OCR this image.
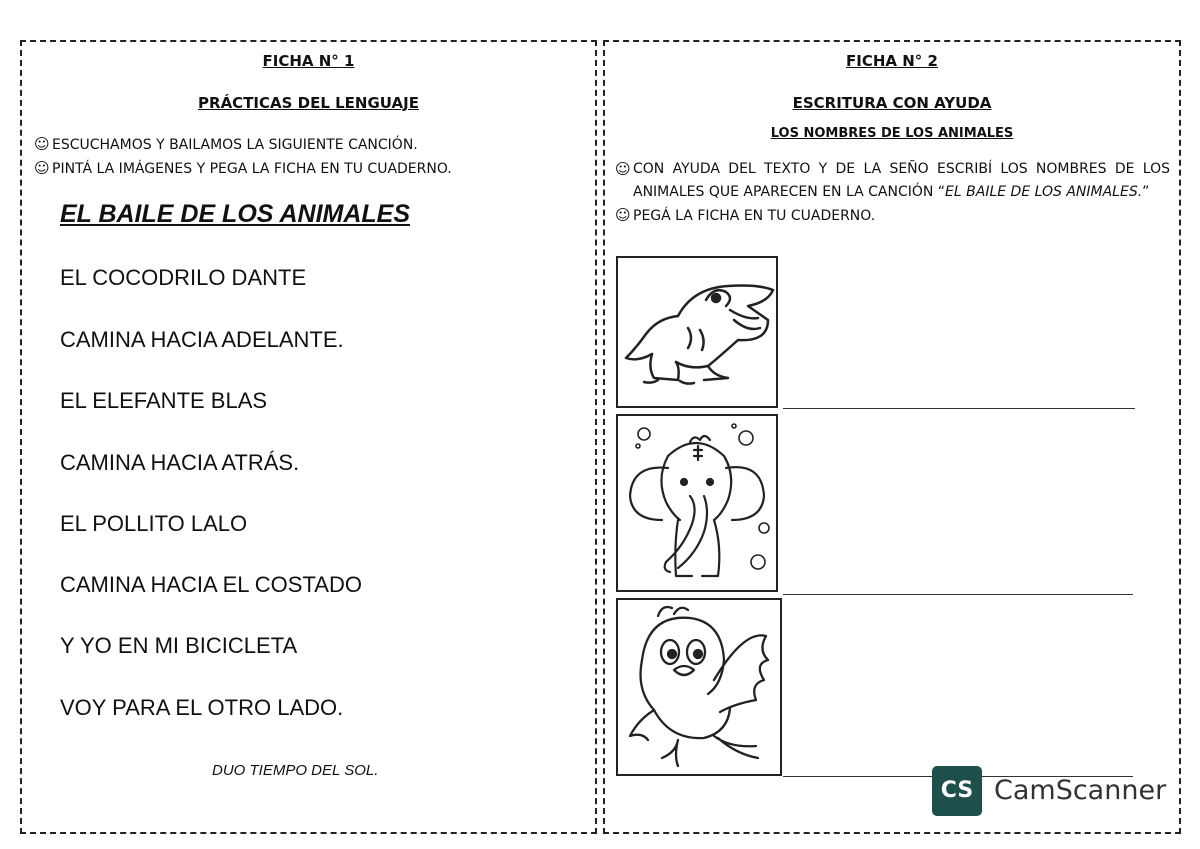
FICHA N° 1
PRÁCTICAS DEL LENGUAJE
☺ ESCUCHAMOS Y BAILAMOS LA SIGUIENTE CANCIÓN.
☺ PINTÁ LA IMÁGENES Y PEGA LA FICHA EN TU CUADERNO.
EL BAILE DE LOS ANIMALES
EL COCODRILO DANTE
CAMINA HACIA ADELANTE.
EL ELEFANTE BLAS
CAMINA HACIA ATRÁS.
EL POLLITO LALO
CAMINA HACIA EL COSTADO
Y YO EN MI BICICLETA
VOY PARA EL OTRO LADO.
DUO TIEMPO DEL SOL.
FICHA N° 2
ESCRITURA CON AYUDA
LOS NOMBRES DE LOS ANIMALES
☺ CON AYUDA DEL TEXTO Y DE LA SEÑO ESCRIBÍ LOS NOMBRES DE LOS ANIMALES QUE APARECEN EN LA CANCIÓN “EL BAILE DE LOS ANIMALES.”
☺ PEGÁ LA FICHA EN TU CUADERNO.
CS CamScanner
